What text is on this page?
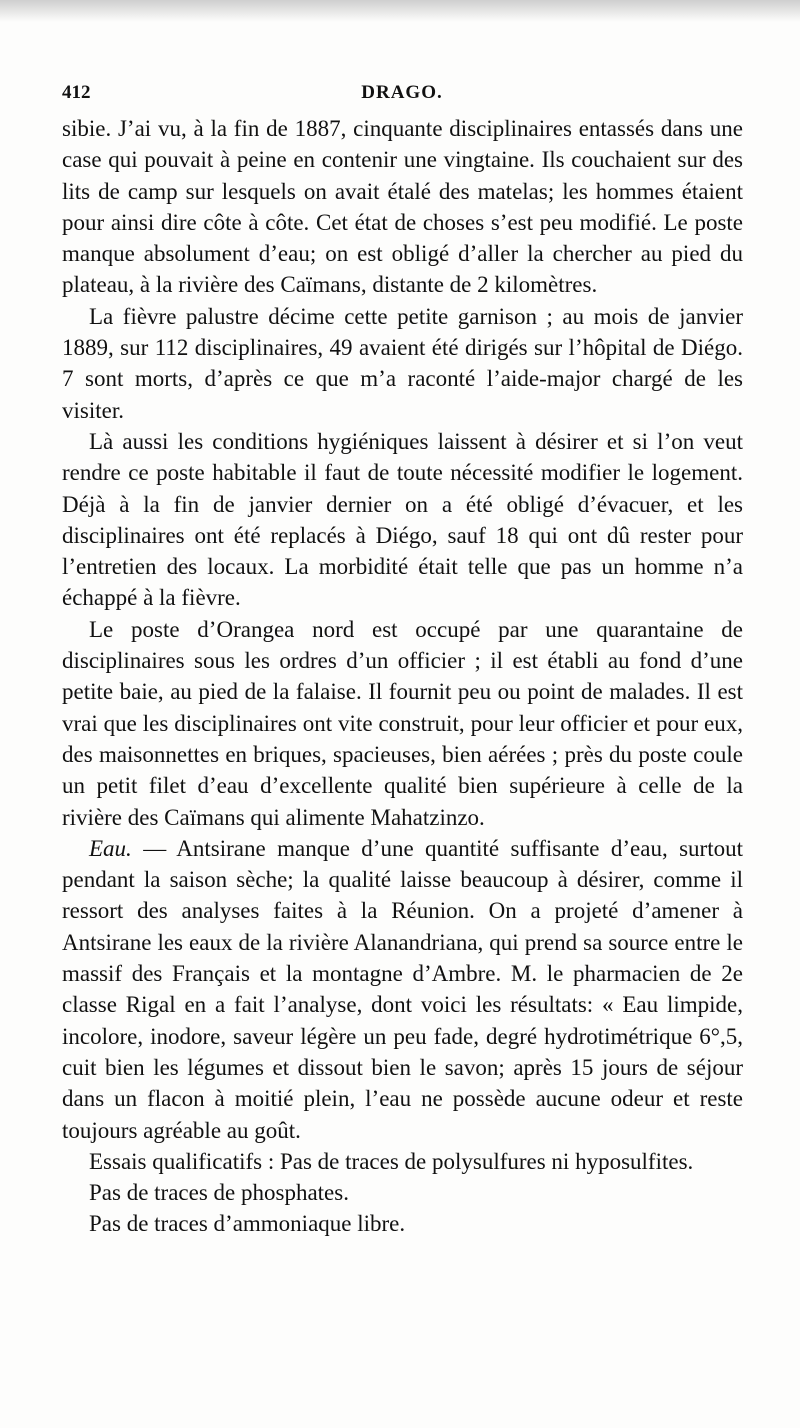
412	DRAGO.

sibie. J’ai vu, à la fin de 1887, cinquante disciplinaires entassés dans une case qui pouvait à peine en contenir une vingtaine. Ils couchaient sur des lits de camp sur lesquels on avait étalé des matelas; les hommes étaient pour ainsi dire côte à côte. Cet état de choses s’est peu modifié. Le poste manque absolument d’eau; on est obligé d’aller la chercher au pied du plateau, à la rivière des Caïmans, distante de 2 kilomètres.

La fièvre palustre décime cette petite garnison ; au mois de janvier 1889, sur 112 disciplinaires, 49 avaient été dirigés sur l’hôpital de Diégo. 7 sont morts, d’après ce que m’a raconté l’aide-major chargé de les visiter.

Là aussi les conditions hygiéniques laissent à désirer et si l’on veut rendre ce poste habitable il faut de toute nécessité modifier le logement. Déjà à la fin de janvier dernier on a été obligé d’évacuer, et les disciplinaires ont été replacés à Diégo, sauf 18 qui ont dû rester pour l’entretien des locaux. La morbidité était telle que pas un homme n’a échappé à la fièvre.

Le poste d’Orangea nord est occupé par une quarantaine de disciplinaires sous les ordres d’un officier ; il est établi au fond d’une petite baie, au pied de la falaise. Il fournit peu ou point de malades. Il est vrai que les disciplinaires ont vite construit, pour leur officier et pour eux, des maisonnettes en briques, spacieuses, bien aérées ; près du poste coule un petit filet d’eau d’excellente qualité bien supérieure à celle de la rivière des Caïmans qui alimente Mahatzinzo.

Eau. — Antsirane manque d’une quantité suffisante d’eau, surtout pendant la saison sèche; la qualité laisse beaucoup à désirer, comme il ressort des analyses faites à la Réunion. On a projeté d’amener à Antsirane les eaux de la rivière Alanandriana, qui prend sa source entre le massif des Français et la montagne d’Ambre. M. le pharmacien de 2e classe Rigal en a fait l’analyse, dont voici les résultats: « Eau limpide, incolore, inodore, saveur légère un peu fade, degré hydrotimétrique 6°,5, cuit bien les légumes et dissout bien le savon; après 15 jours de séjour dans un flacon à moitié plein, l’eau ne possède aucune odeur et reste toujours agréable au goût.

Essais qualificatifs : Pas de traces de polysulfures ni hyposulfites.

Pas de traces de phosphates.

Pas de traces d’ammoniaque libre.
